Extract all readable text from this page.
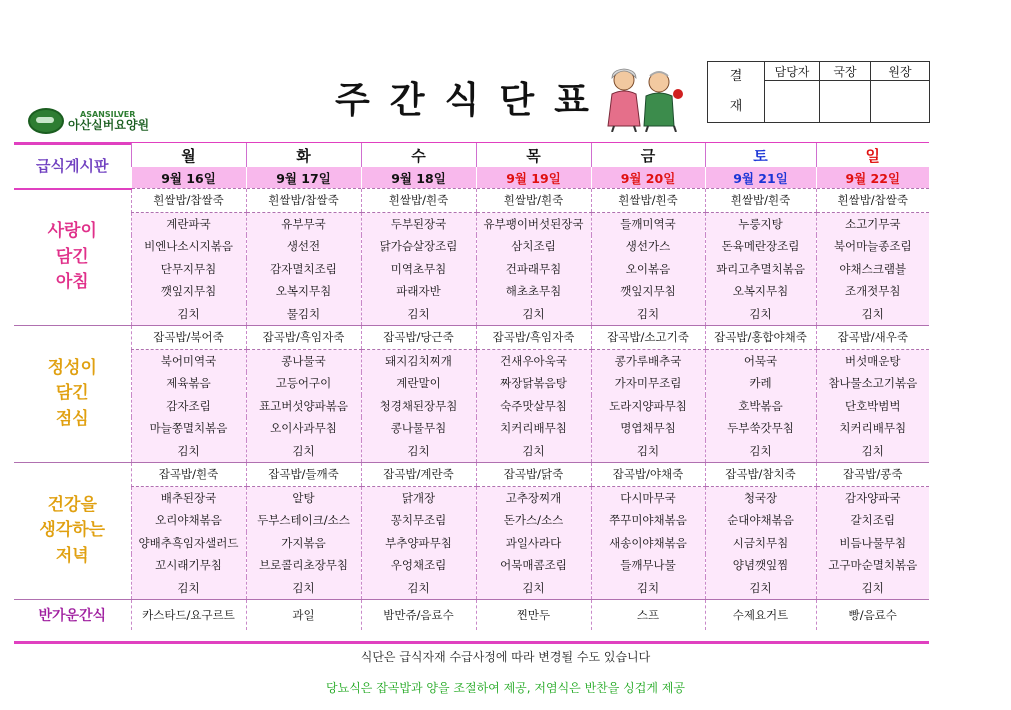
ASANSILVER
아산실버요양원
주간식단표
결
재	담당자	국장	원장

급식게시판	월	화	수	목	금	토	일
	9월 16일	9월 17일	9월 18일	9월 19일	9월 20일	9월 21일	9월 22일

사랑이
담긴
아침	흰쌀밥/찹쌀죽	흰쌀밥/찹쌀죽	흰쌀밥/흰죽	흰쌀밥/흰죽	흰쌀밥/흰죽	흰쌀밥/흰죽	흰쌀밥/찹쌀죽
	계란파국	유부무국	두부된장국	유부팽이버섯된장국	들깨미역국	누룽지탕	소고기무국
	비엔나소시지볶음	생선전	닭가슴살장조림	삼치조림	생선가스	돈육메란장조림	북어마늘종조림
	단무지무침	감자멸치조림	미역초무침	건파래무침	오이볶음	꽈리고추멸치볶음	야채스크램블
	깻잎지무침	오복지무침	파래자반	해초초무침	깻잎지무침	오복지무침	조개젓무침
	김치	물김치	김치	김치	김치	김치	김치

정성이
담긴
점심	잡곡밥/북어죽	잡곡밥/흑임자죽	잡곡밥/당근죽	잡곡밥/흑임자죽	잡곡밥/소고기죽	잡곡밥/홍합야채죽	잡곡밥/새우죽
	북어미역국	콩나물국	돼지김치찌개	건새우아욱국	콩가루배추국	어묵국	버섯매운탕
	제육볶음	고등어구이	계란말이	짜장닭볶음탕	가자미무조림	카레	참나물소고기볶음
	감자조림	표고버섯양파볶음	청경채된장무침	숙주맛살무침	도라지양파무침	호박볶음	단호박범벅
	마늘쫑멸치볶음	오이사과무침	콩나물무침	치커리배무침	명엽채무침	두부쑥갓무침	치커리배무침
	김치	김치	김치	김치	김치	김치	김치

건강을
생각하는
저녁	잡곡밥/흰죽	잡곡밥/들깨죽	잡곡밥/계란죽	잡곡밥/닭죽	잡곡밥/야채죽	잡곡밥/참치죽	잡곡밥/콩죽
	배추된장국	알탕	닭개장	고추장찌개	다시마무국	청국장	감자양파국
	오리야채볶음	두부스테이크/소스	꽁치무조림	돈가스/소스	쭈꾸미야채볶음	순대야채볶음	갈치조림
	양배추흑임자샐러드	가지볶음	부추양파무침	과일사라다	새송이야채볶음	시금치무침	비듬나물무침
	꼬시래기무침	브로콜리초장무침	우엉채조림	어묵매콤조림	들깨무나물	양념깻잎찜	고구마순멸치볶음
	김치	김치	김치	김치	김치	김치	김치
반가운간식	카스타드/요구르트	과일	밤만쥬/음료수	찐만두	스프	수제요거트	빵/음료수
식단은 급식자재 수급사정에 따라 변경될 수도 있습니다
당뇨식은 잡곡밥과 양을 조절하여 제공, 저염식은 반찬을 싱겁게 제공
